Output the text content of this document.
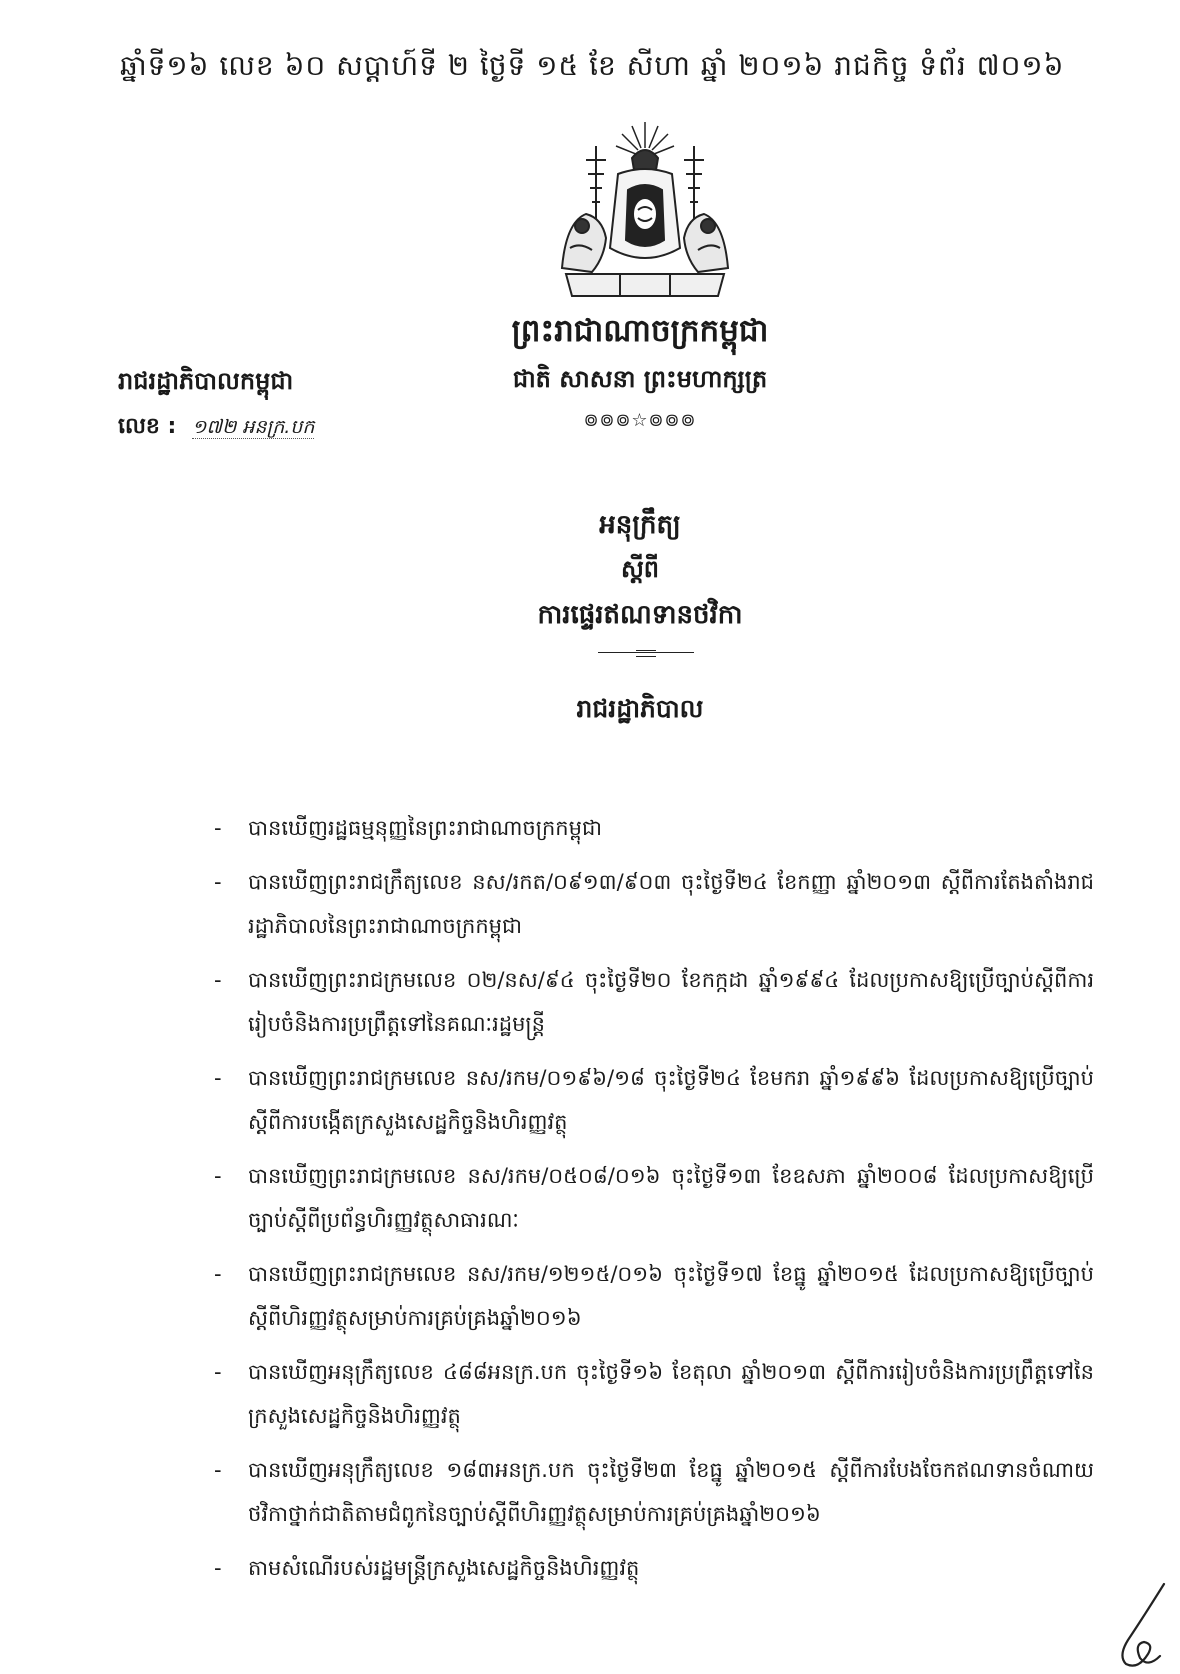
ឆ្នាំទី១៦ លេខ ៦០ សប្តាហ៍ទី ២ ថ្ងៃទី ១៥ ខែ សីហា ឆ្នាំ ២០១៦ រាជកិច្ច ទំព័រ ៧០១៦
ព្រះរាជាណាចក្រកម្ពុជា
ជាតិ សាសនា ព្រះមហាក្សត្រ
៙៙៙☆៙៙៙
រាជរដ្ឋាភិបាលកម្ពុជា
លេខ : ១៧២ អនក្រ.បក
អនុក្រឹត្យ
ស្តីពី
ការផ្ទេរឥណទានថវិកា
រាជរដ្ឋាភិបាល
-	បានឃើញរដ្ឋធម្មនុញ្ញនៃព្រះរាជាណាចក្រកម្ពុជា
-	បានឃើញព្រះរាជក្រឹត្យលេខ នស/រកត/០៩១៣/៩០៣ ចុះថ្ងៃទី២៤ ខែកញ្ញា ឆ្នាំ២០១៣ ស្តីពីការតែងតាំងរាជរដ្ឋាភិបាលនៃព្រះរាជាណាចក្រកម្ពុជា
-	បានឃើញព្រះរាជក្រមលេខ ០២/នស/៩៤ ចុះថ្ងៃទី២០ ខែកក្កដា ឆ្នាំ១៩៩៤ ដែលប្រកាសឱ្យប្រើច្បាប់ស្តីពីការរៀបចំនិងការប្រព្រឹត្តទៅនៃគណៈរដ្ឋមន្ត្រី
-	បានឃើញព្រះរាជក្រមលេខ នស/រកម/០១៩៦/១៨ ចុះថ្ងៃទី២៤ ខែមករា ឆ្នាំ១៩៩៦ ដែលប្រកាសឱ្យប្រើច្បាប់ស្តីពីការបង្កើតក្រសួងសេដ្ឋកិច្ចនិងហិរញ្ញវត្ថុ
-	បានឃើញព្រះរាជក្រមលេខ នស/រកម/០៥០៨/០១៦ ចុះថ្ងៃទី១៣ ខែឧសភា ឆ្នាំ២០០៨ ដែលប្រកាសឱ្យប្រើច្បាប់ស្តីពីប្រព័ន្ធហិរញ្ញវត្ថុសាធារណៈ
-	បានឃើញព្រះរាជក្រមលេខ នស/រកម/១២១៥/០១៦ ចុះថ្ងៃទី១៧ ខែធ្នូ ឆ្នាំ២០១៥ ដែលប្រកាសឱ្យប្រើច្បាប់ស្តីពីហិរញ្ញវត្ថុសម្រាប់ការគ្រប់គ្រងឆ្នាំ២០១៦
-	បានឃើញអនុក្រឹត្យលេខ ៤៨៨អនក្រ.បក ចុះថ្ងៃទី១៦ ខែតុលា ឆ្នាំ២០១៣ ស្តីពីការរៀបចំនិងការប្រព្រឹត្តទៅនៃក្រសួងសេដ្ឋកិច្ចនិងហិរញ្ញវត្ថុ
-	បានឃើញអនុក្រឹត្យលេខ ១៨៣អនក្រ.បក ចុះថ្ងៃទី២៣ ខែធ្នូ ឆ្នាំ២០១៥ ស្តីពីការបែងចែកឥណទានចំណាយថវិកាថ្នាក់ជាតិតាមជំពូកនៃច្បាប់ស្តីពីហិរញ្ញវត្ថុសម្រាប់ការគ្រប់គ្រងឆ្នាំ២០១៦
-	តាមសំណើរបស់រដ្ឋមន្ត្រីក្រសួងសេដ្ឋកិច្ចនិងហិរញ្ញវត្ថុ
